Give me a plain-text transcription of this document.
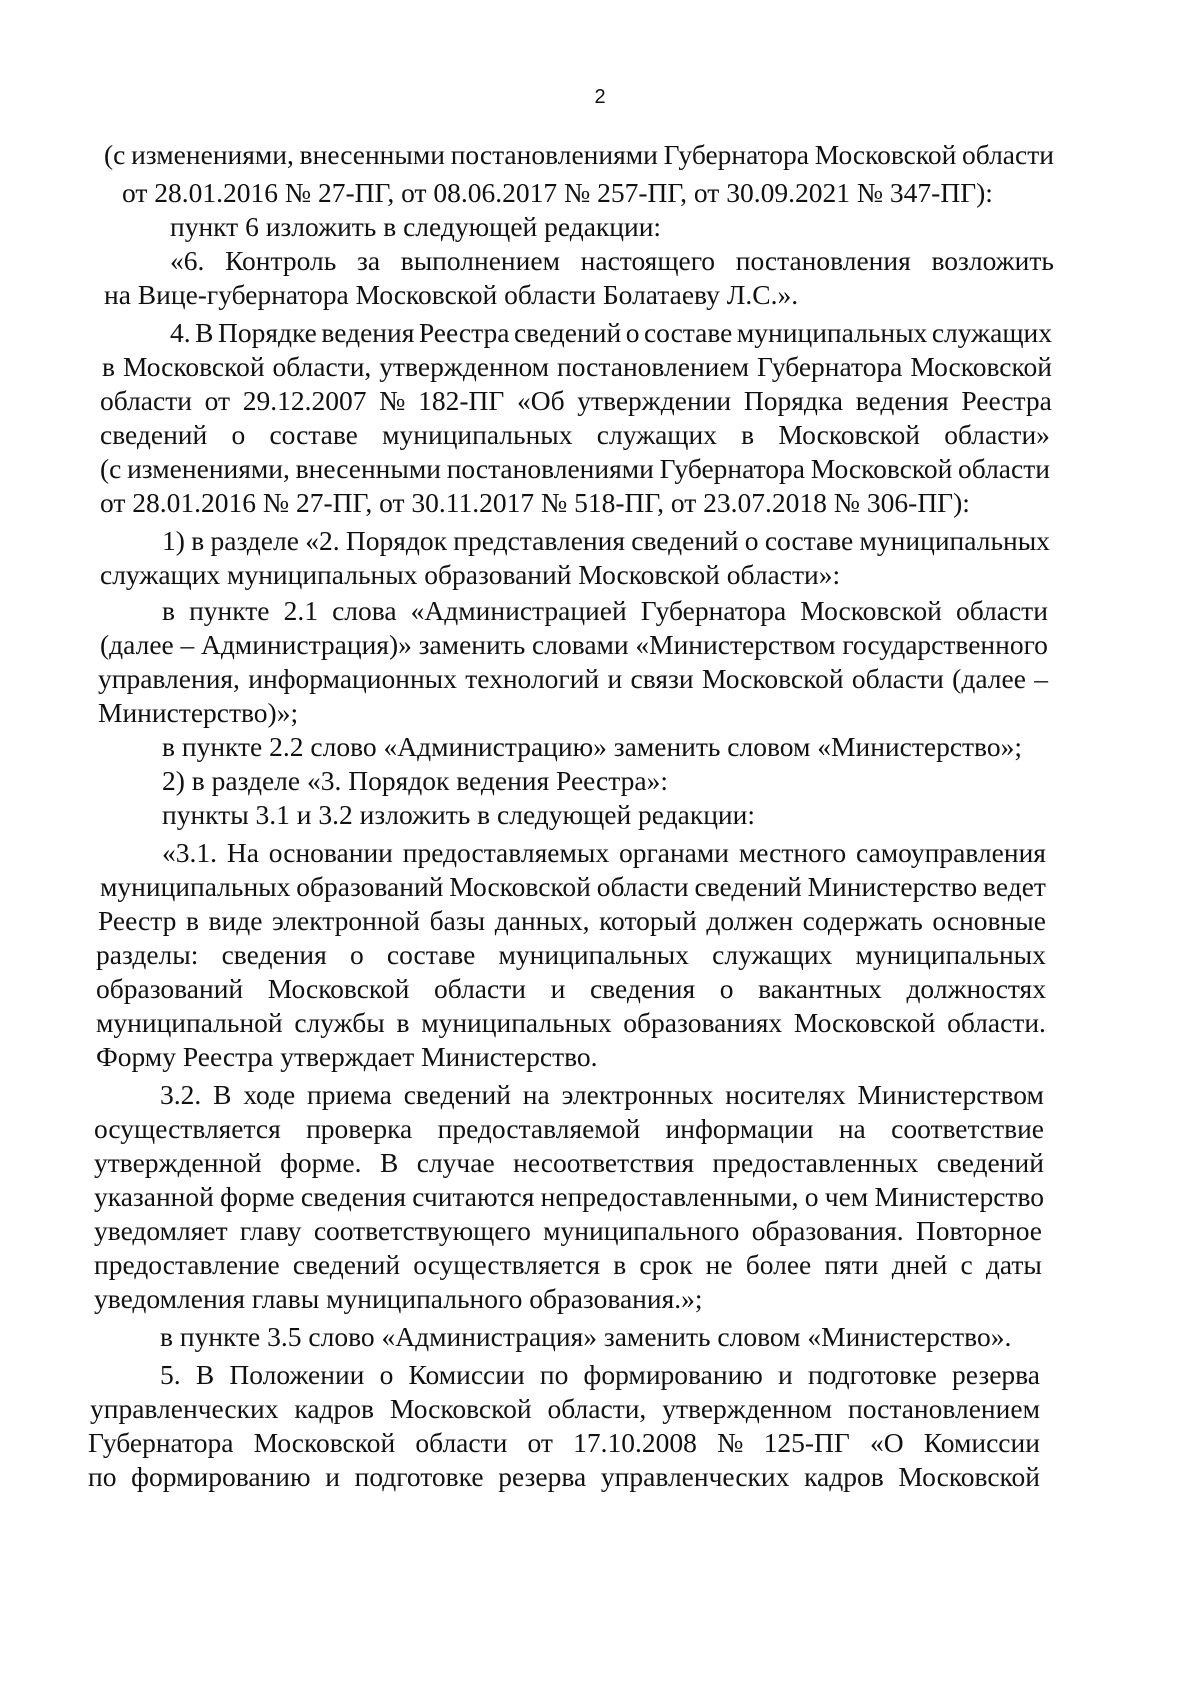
2
(с изменениями, внесенными постановлениями Губернатора Московской области
от 28.01.2016 № 27-ПГ, от 08.06.2017 № 257-ПГ, от 30.09.2021 № 347-ПГ):
пункт 6 изложить в следующей редакции:
«6. Контроль за выполнением настоящего постановления возложить
на Вице-губернатора Московской области Болатаеву Л.С.».
4. В Порядке ведения Реестра сведений о составе муниципальных служащих
в Московской области, утвержденном постановлением Губернатора Московской
области от 29.12.2007 № 182-ПГ «Об утверждении Порядка ведения Реестра
сведений о составе муниципальных служащих в Московской области»
(с изменениями, внесенными постановлениями Губернатора Московской области
от 28.01.2016 № 27-ПГ, от 30.11.2017 № 518-ПГ, от 23.07.2018 № 306-ПГ):
1) в разделе «2. Порядок представления сведений о составе муниципальных
служащих муниципальных образований Московской области»:
в пункте 2.1 слова «Администрацией Губернатора Московской области
(далее – Администрация)» заменить словами «Министерством государственного
управления, информационных технологий и связи Московской области (далее –
Министерство)»;
в пункте 2.2 слово «Администрацию» заменить словом «Министерство»;
2) в разделе «3. Порядок ведения Реестра»:
пункты 3.1 и 3.2 изложить в следующей редакции:
«3.1. На основании предоставляемых органами местного самоуправления
муниципальных образований Московской области сведений Министерство ведет
Реестр в виде электронной базы данных, который должен содержать основные
разделы: сведения о составе муниципальных служащих муниципальных
образований Московской области и сведения о вакантных должностях
муниципальной службы в муниципальных образованиях Московской области.
Форму Реестра утверждает Министерство.
3.2. В ходе приема сведений на электронных носителях Министерством
осуществляется проверка предоставляемой информации на соответствие
утвержденной форме. В случае несоответствия предоставленных сведений
указанной форме сведения считаются непредоставленными, о чем Министерство
уведомляет главу соответствующего муниципального образования. Повторное
предоставление сведений осуществляется в срок не более пяти дней с даты
уведомления главы муниципального образования.»;
в пункте 3.5 слово «Администрация» заменить словом «Министерство».
5. В Положении о Комиссии по формированию и подготовке резерва
управленческих кадров Московской области, утвержденном постановлением
Губернатора Московской области от 17.10.2008 № 125-ПГ «О Комиссии
по формированию и подготовке резерва управленческих кадров Московской
